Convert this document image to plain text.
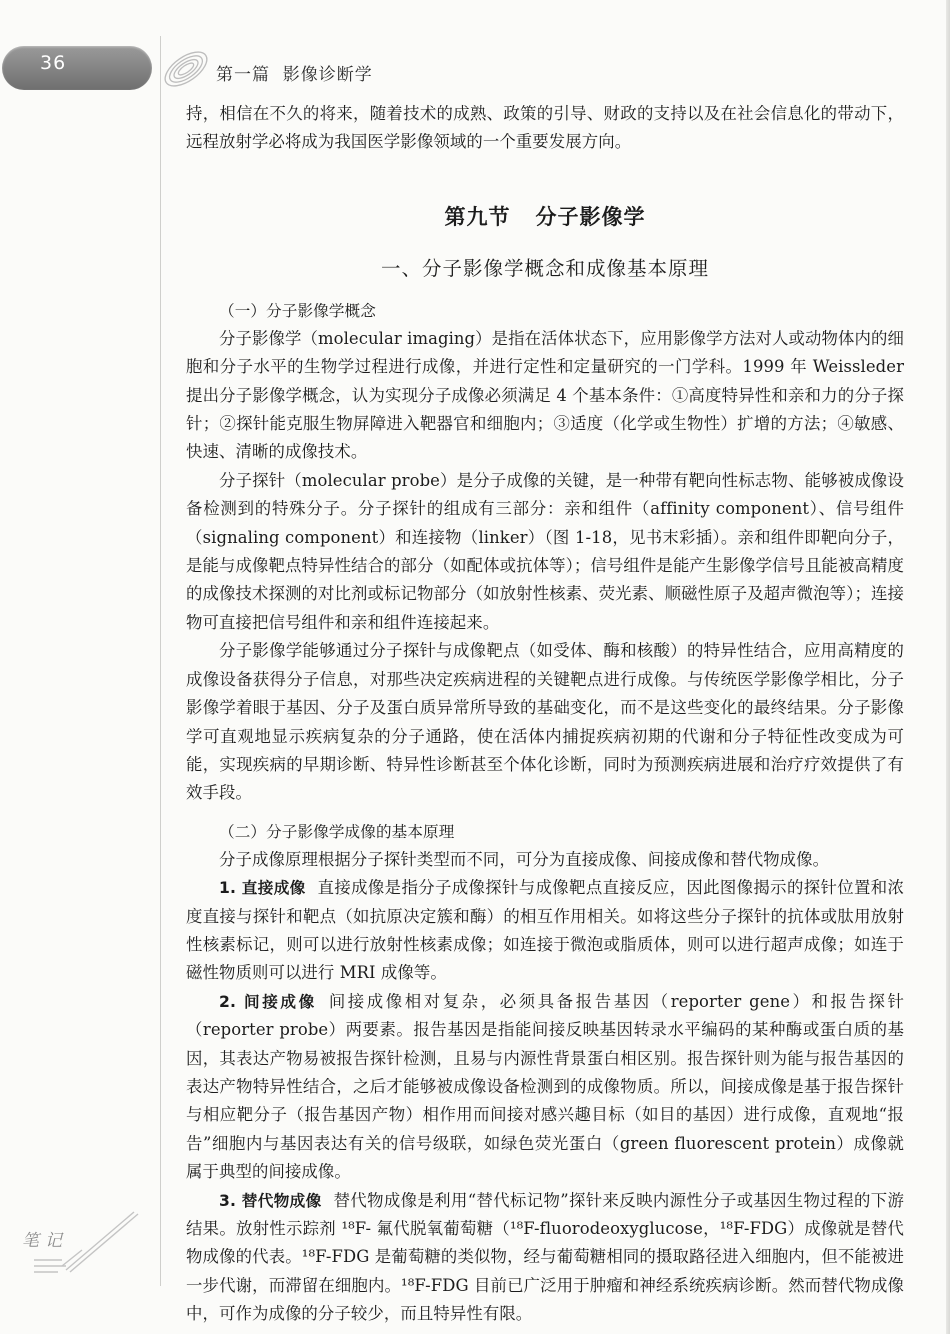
36
第一篇  影像诊断学

持，相信在不久的将来，随着技术的成熟、政策的引导、财政的支持以及在社会信息化的带动下，远程放射学必将成为我国医学影像领域的一个重要发展方向。

第九节   分子影像学
一、分子影像学概念和成像基本原理
（一）分子影像学概念

分子影像学（molecular imaging）是指在活体状态下，应用影像学方法对人或动物体内的细胞和分子水平的生物学过程进行成像，并进行定性和定量研究的一门学科。1999 年 Weissleder 提出分子影像学概念，认为实现分子成像必须满足 4 个基本条件：①高度特异性和亲和力的分子探针；②探针能克服生物屏障进入靶器官和细胞内；③适度（化学或生物性）扩增的方法；④敏感、快速、清晰的成像技术。

分子探针（molecular probe）是分子成像的关键，是一种带有靶向性标志物、能够被成像设备检测到的特殊分子。分子探针的组成有三部分：亲和组件（affinity component）、信号组件（signaling component）和连接物（linker）（图 1-18，见书末彩插）。亲和组件即靶向分子，是能与成像靶点特异性结合的部分（如配体或抗体等）；信号组件是能产生影像学信号且能被高精度的成像技术探测的对比剂或标记物部分（如放射性核素、荧光素、顺磁性原子及超声微泡等）；连接物可直接把信号组件和亲和组件连接起来。

分子影像学能够通过分子探针与成像靶点（如受体、酶和核酸）的特异性结合，应用高精度的成像设备获得分子信息，对那些决定疾病进程的关键靶点进行成像。与传统医学影像学相比，分子影像学着眼于基因、分子及蛋白质异常所导致的基础变化，而不是这些变化的最终结果。分子影像学可直观地显示疾病复杂的分子通路，使在活体内捕捉疾病初期的代谢和分子特征性改变成为可能，实现疾病的早期诊断、特异性诊断甚至个体化诊断，同时为预测疾病进展和治疗疗效提供了有效手段。

（二）分子影像学成像的基本原理

分子成像原理根据分子探针类型而不同，可分为直接成像、间接成像和替代物成像。

1. 直接成像 直接成像是指分子成像探针与成像靶点直接反应，因此图像揭示的探针位置和浓度直接与探针和靶点（如抗原决定簇和酶）的相互作用相关。如将这些分子探针的抗体或肽用放射性核素标记，则可以进行放射性核素成像；如连接于微泡或脂质体，则可以进行超声成像；如连于磁性物质则可以进行 MRI 成像等。

2. 间接成像 间接成像相对复杂，必须具备报告基因（reporter gene）和报告探针（reporter probe）两要素。报告基因是指能间接反映基因转录水平编码的某种酶或蛋白质的基因，其表达产物易被报告探针检测，且易与内源性背景蛋白相区别。报告探针则为能与报告基因的表达产物特异性结合，之后才能够被成像设备检测到的成像物质。所以，间接成像是基于报告探针与相应靶分子（报告基因产物）相作用而间接对感兴趣目标（如目的基因）进行成像，直观地“报告”细胞内与基因表达有关的信号级联，如绿色荧光蛋白（green fluorescent protein）成像就属于典型的间接成像。

3. 替代物成像 替代物成像是利用“替代标记物”探针来反映内源性分子或基因生物过程的下游结果。放射性示踪剂 ¹⁸F- 氟代脱氧葡萄糖（¹⁸F-fluorodeoxyglucose，¹⁸F-FDG）成像就是替代物成像的代表。¹⁸F-FDG 是葡萄糖的类似物，经与葡萄糖相同的摄取路径进入细胞内，但不能被进一步代谢，而滞留在细胞内。¹⁸F-FDG 目前已广泛用于肿瘤和神经系统疾病诊断。然而替代物成像中，可作为成像的分子较少，而且特异性有限。

笔记
